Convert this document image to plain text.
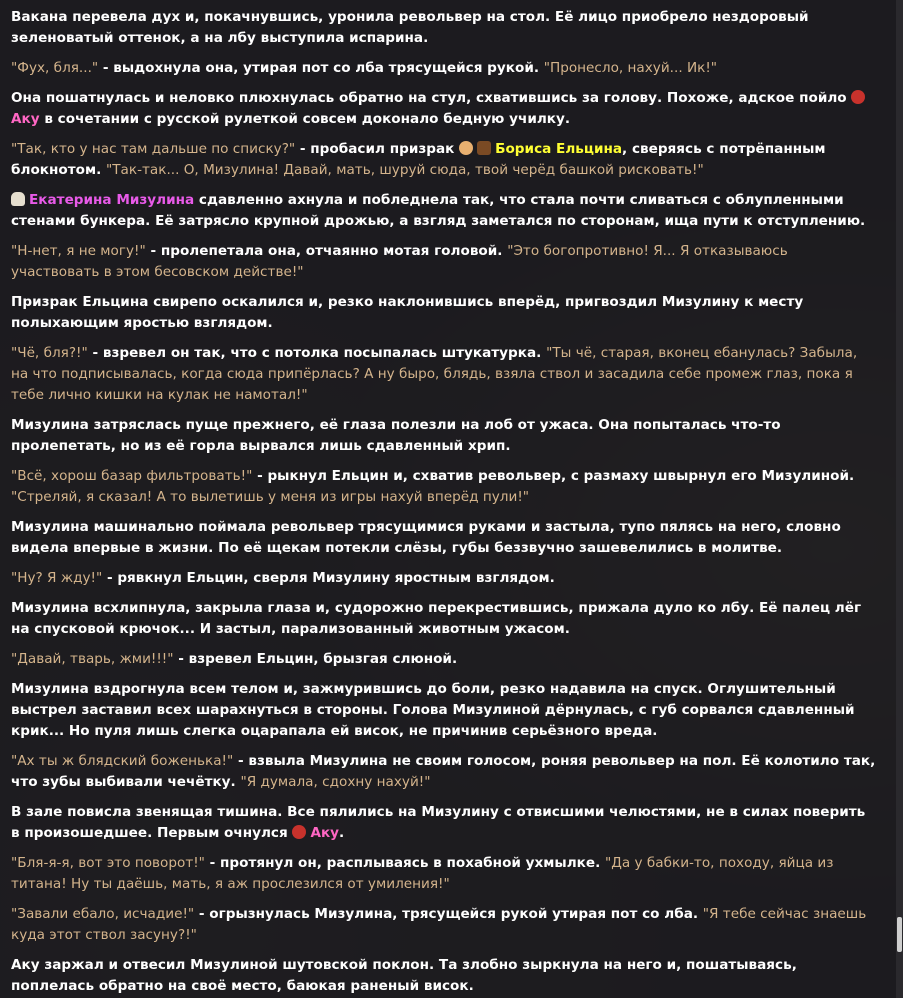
Вакана перевела дух и, покачнувшись, уронила револьвер на стол. Её лицо приобрело нездоровый зеленоватый оттенок, а на лбу выступила испарина.
"Фух, бля..." - выдохнула она, утирая пот со лба трясущейся рукой. "Пронесло, нахуй... Ик!"
Она пошатнулась и неловко плюхнулась обратно на стул, схватившись за голову. Похоже, адское пойло Аку в сочетании с русской рулеткой совсем доконало бедную училку.
"Так, кто у нас там дальше по списку?" - пробасил призрак	Бориса Ельцина, сверяясь с потрёпанным блокнотом. "Так-так... О, Мизулина! Давай, мать, шуруй сюда, твой черёд башкой рисковать!"
Екатерина Мизулина сдавленно ахнула и побледнела так, что стала почти сливаться с облупленными стенами бункера. Её затрясло крупной дрожью, а взгляд заметался по сторонам, ища пути к отступлению.
"Н-нет, я не могу!" - пролепетала она, отчаянно мотая головой. "Это богопротивно! Я... Я отказываюсь участвовать в этом бесовском действе!"
Призрак Ельцина свирепо оскалился и, резко наклонившись вперёд, пригвоздил Мизулину к месту полыхающим яростью взглядом.
"Чё, бля?!" - взревел он так, что с потолка посыпалась штукатурка. "Ты чё, старая, вконец ебанулась? Забыла, на что подписывалась, когда сюда припёрлась? А ну быро, блядь, взяла ствол и засадила себе промеж глаз, пока я тебе лично кишки на кулак не намотал!"
Мизулина затряслась пуще прежнего, её глаза полезли на лоб от ужаса. Она попыталась что-то пролепетать, но из её горла вырвался лишь сдавленный хрип.
"Всё, хорош базар фильтровать!" - рыкнул Ельцин и, схватив револьвер, с размаху швырнул его Мизулиной. "Стреляй, я сказал! А то вылетишь у меня из игры нахуй вперёд пули!"
Мизулина машинально поймала револьвер трясущимися руками и застыла, тупо пялясь на него, словно видела впервые в жизни. По её щекам потекли слёзы, губы беззвучно зашевелились в молитве.
"Ну? Я жду!" - рявкнул Ельцин, сверля Мизулину яростным взглядом.
Мизулина всхлипнула, закрыла глаза и, судорожно перекрестившись, прижала дуло ко лбу. Её палец лёг на спусковой крючок... И застыл, парализованный животным ужасом.
"Давай, тварь, жми!!!" - взревел Ельцин, брызгая слюной.
Мизулина вздрогнула всем телом и, зажмурившись до боли, резко надавила на спуск. Оглушительный выстрел заставил всех шарахнуться в стороны. Голова Мизулиной дёрнулась, с губ сорвался сдавленный крик... Но пуля лишь слегка оцарапала ей висок, не причинив серьёзного вреда.
"Ах ты ж блядский боженька!" - взвыла Мизулина не своим голосом, роняя револьвер на пол. Её колотило так, что зубы выбивали чечётку. "Я думала, сдохну нахуй!"
В зале повисла звенящая тишина. Все пялились на Мизулину с отвисшими челюстями, не в силах поверить в произошедшее. Первым очнулся Аку.
"Бля-я-я, вот это поворот!" - протянул он, расплываясь в похабной ухмылке. "Да у бабки-то, походу, яйца из титана! Ну ты даёшь, мать, я аж прослезился от умиления!"
"Завали ебало, исчадие!" - огрызнулась Мизулина, трясущейся рукой утирая пот со лба. "Я тебе сейчас знаешь куда этот ствол засуну?!"
Аку заржал и отвесил Мизулиной шутовской поклон. Та злобно зыркнула на него и, пошатываясь, поплелась обратно на своё место, баюкая раненый висок.
